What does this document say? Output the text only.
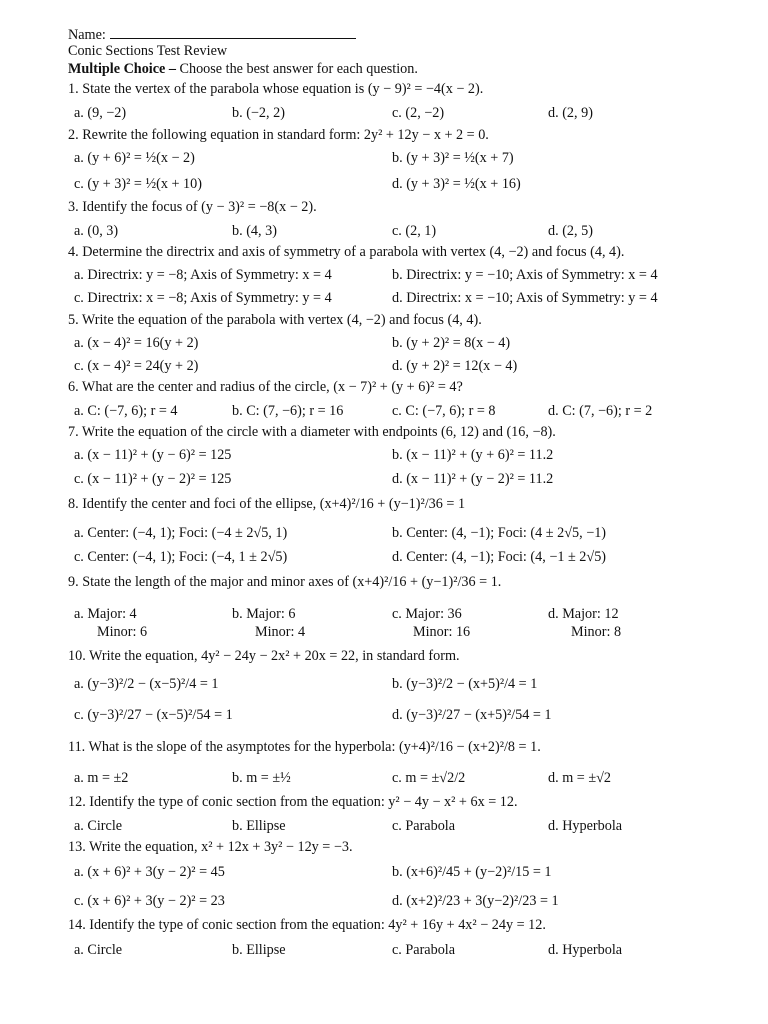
Name:
Conic Sections Test Review
Multiple Choice – Choose the best answer for each question.
1. State the vertex of the parabola whose equation is (y − 9)² = −4(x − 2).
a. (9, −2)	b. (−2, 2)	c. (2, −2)	d. (2, 9)
2. Rewrite the following equation in standard form: 2y² + 12y − x + 2 = 0.
a. (y + 6)² = ½(x − 2)	b. (y + 3)² = ½(x + 7)
c. (y + 3)² = ½(x + 10)	d. (y + 3)² = ½(x + 16)
3. Identify the focus of (y − 3)² = −8(x − 2).
a. (0, 3)	b. (4, 3)	c. (2, 1)	d. (2, 5)
4. Determine the directrix and axis of symmetry of a parabola with vertex (4, −2) and focus (4, 4).
a. Directrix: y = −8; Axis of Symmetry: x = 4	b. Directrix: y = −10; Axis of Symmetry: x = 4
c. Directrix: x = −8; Axis of Symmetry: y = 4	d. Directrix: x = −10; Axis of Symmetry: y = 4
5. Write the equation of the parabola with vertex (4, −2) and focus (4, 4).
a. (x − 4)² = 16(y + 2)	b. (y + 2)² = 8(x − 4)
c. (x − 4)² = 24(y + 2)	d. (y + 2)² = 12(x − 4)
6. What are the center and radius of the circle, (x − 7)² + (y + 6)² = 4?
a. C: (−7, 6); r = 4	b. C: (7, −6); r = 16	c. C: (−7, 6); r = 8	d. C: (7, −6); r = 2
7. Write the equation of the circle with a diameter with endpoints (6, 12) and (16, −8).
a. (x − 11)² + (y − 6)² = 125	b. (x − 11)² + (y + 6)² = 11.2
c. (x − 11)² + (y − 2)² = 125	d. (x − 11)² + (y − 2)² = 11.2
8. Identify the center and foci of the ellipse, (x+4)²/16 + (y−1)²/36 = 1
a. Center: (−4, 1); Foci: (−4 ± 2√5, 1)	b. Center: (4, −1); Foci: (4 ± 2√5, −1)
c. Center: (−4, 1); Foci: (−4, 1 ± 2√5)	d. Center: (4, −1); Foci: (4, −1 ± 2√5)
9. State the length of the major and minor axes of (x+4)²/16 + (y−1)²/36 = 1.
a. Major: 4
Minor: 6
b. Major: 6
Minor: 4
c. Major: 36
Minor: 16
d. Major: 12
Minor: 8
10. Write the equation, 4y² − 24y − 2x² + 20x = 22, in standard form.
a. (y−3)²/2 − (x−5)²/4 = 1	b. (y−3)²/2 − (x+5)²/4 = 1
c. (y−3)²/27 − (x−5)²/54 = 1	d. (y−3)²/27 − (x+5)²/54 = 1
11. What is the slope of the asymptotes for the hyperbola: (y+4)²/16 − (x+2)²/8 = 1.
a. m = ±2	b. m = ±½	c. m = ±√2/2	d. m = ±√2
12. Identify the type of conic section from the equation: y² − 4y − x² + 6x = 12.
a. Circle	b. Ellipse	c. Parabola	d. Hyperbola
13. Write the equation, x² + 12x + 3y² − 12y = −3.
a. (x + 6)² + 3(y − 2)² = 45	b. (x+6)²/45 + (y−2)²/15 = 1
c. (x + 6)² + 3(y − 2)² = 23	d. (x+2)²/23 + 3(y−2)²/23 = 1
14. Identify the type of conic section from the equation: 4y² + 16y + 4x² − 24y = 12.
a. Circle	b. Ellipse	c. Parabola	d. Hyperbola
